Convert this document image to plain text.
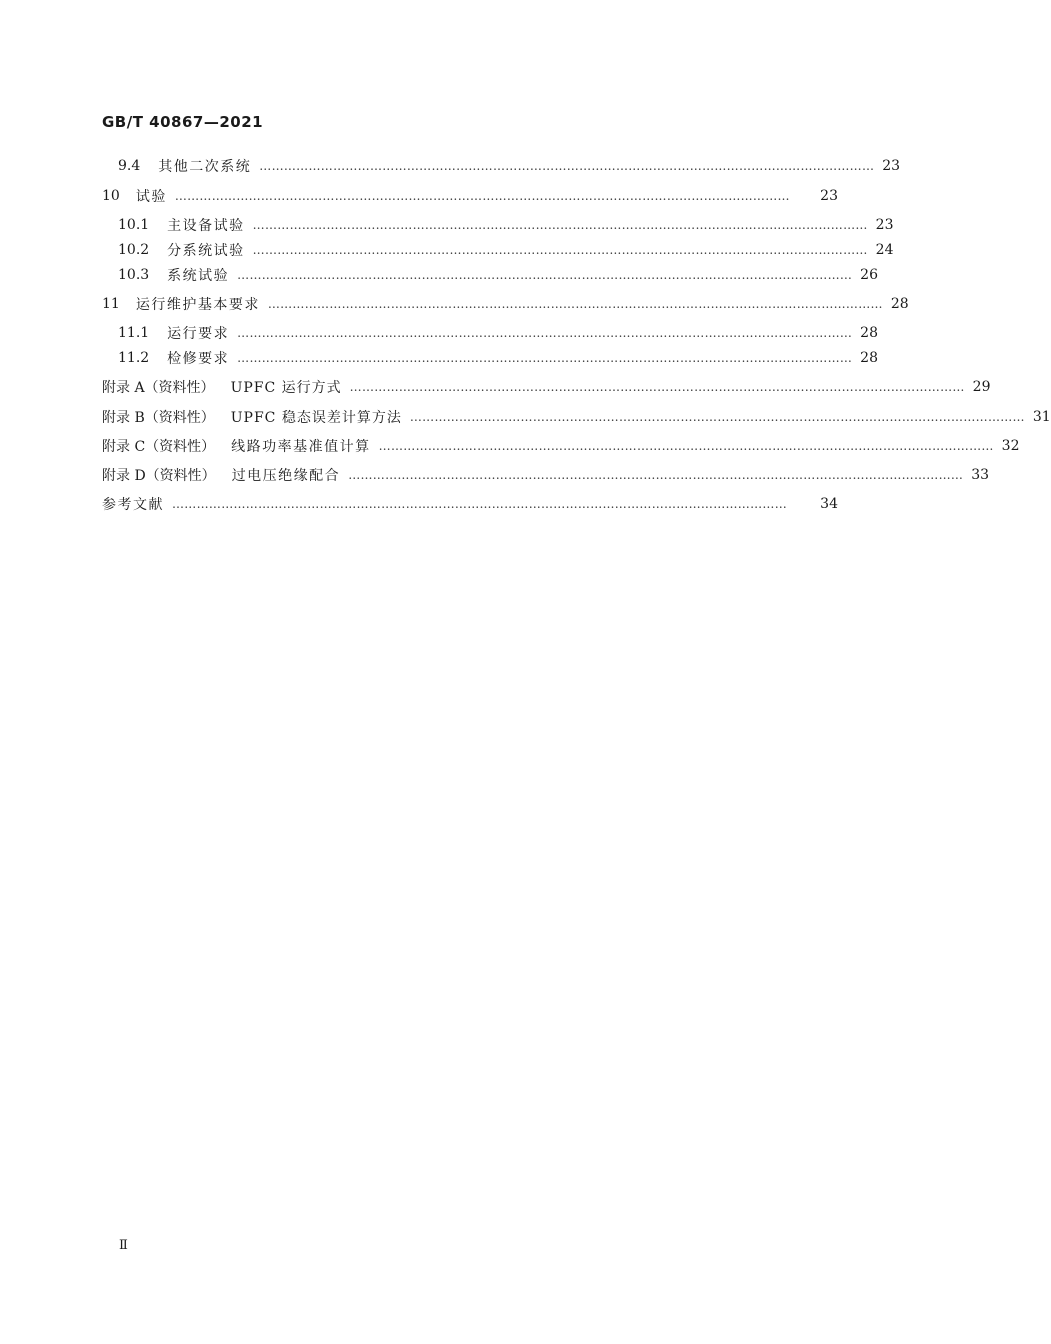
GB/T 40867—2021
9.4 其他二次系统 …………………………………………………………………………………………………………………………………… 23
10 试验 ……………………………………………………………………………………………………………………………………	23
10.1 主设备试验 …………………………………………………………………………………………………………………………………… 23
10.2 分系统试验 …………………………………………………………………………………………………………………………………… 24
10.3 系统试验 …………………………………………………………………………………………………………………………………… 26
11 运行维护基本要求 …………………………………………………………………………………………………………………………………… 28
11.1 运行要求 …………………………………………………………………………………………………………………………………… 28
11.2 检修要求 …………………………………………………………………………………………………………………………………… 28
附录 A（资料性） UPFC 运行方式 …………………………………………………………………………………………………………………………………… 29
附录 B（资料性） UPFC 稳态误差计算方法 …………………………………………………………………………………………………………………………………… 31
附录 C（资料性） 线路功率基准值计算 …………………………………………………………………………………………………………………………………… 32
附录 D（资料性） 过电压绝缘配合 …………………………………………………………………………………………………………………………………… 33
参考文献 ……………………………………………………………………………………………………………………………………	34
Ⅱ
